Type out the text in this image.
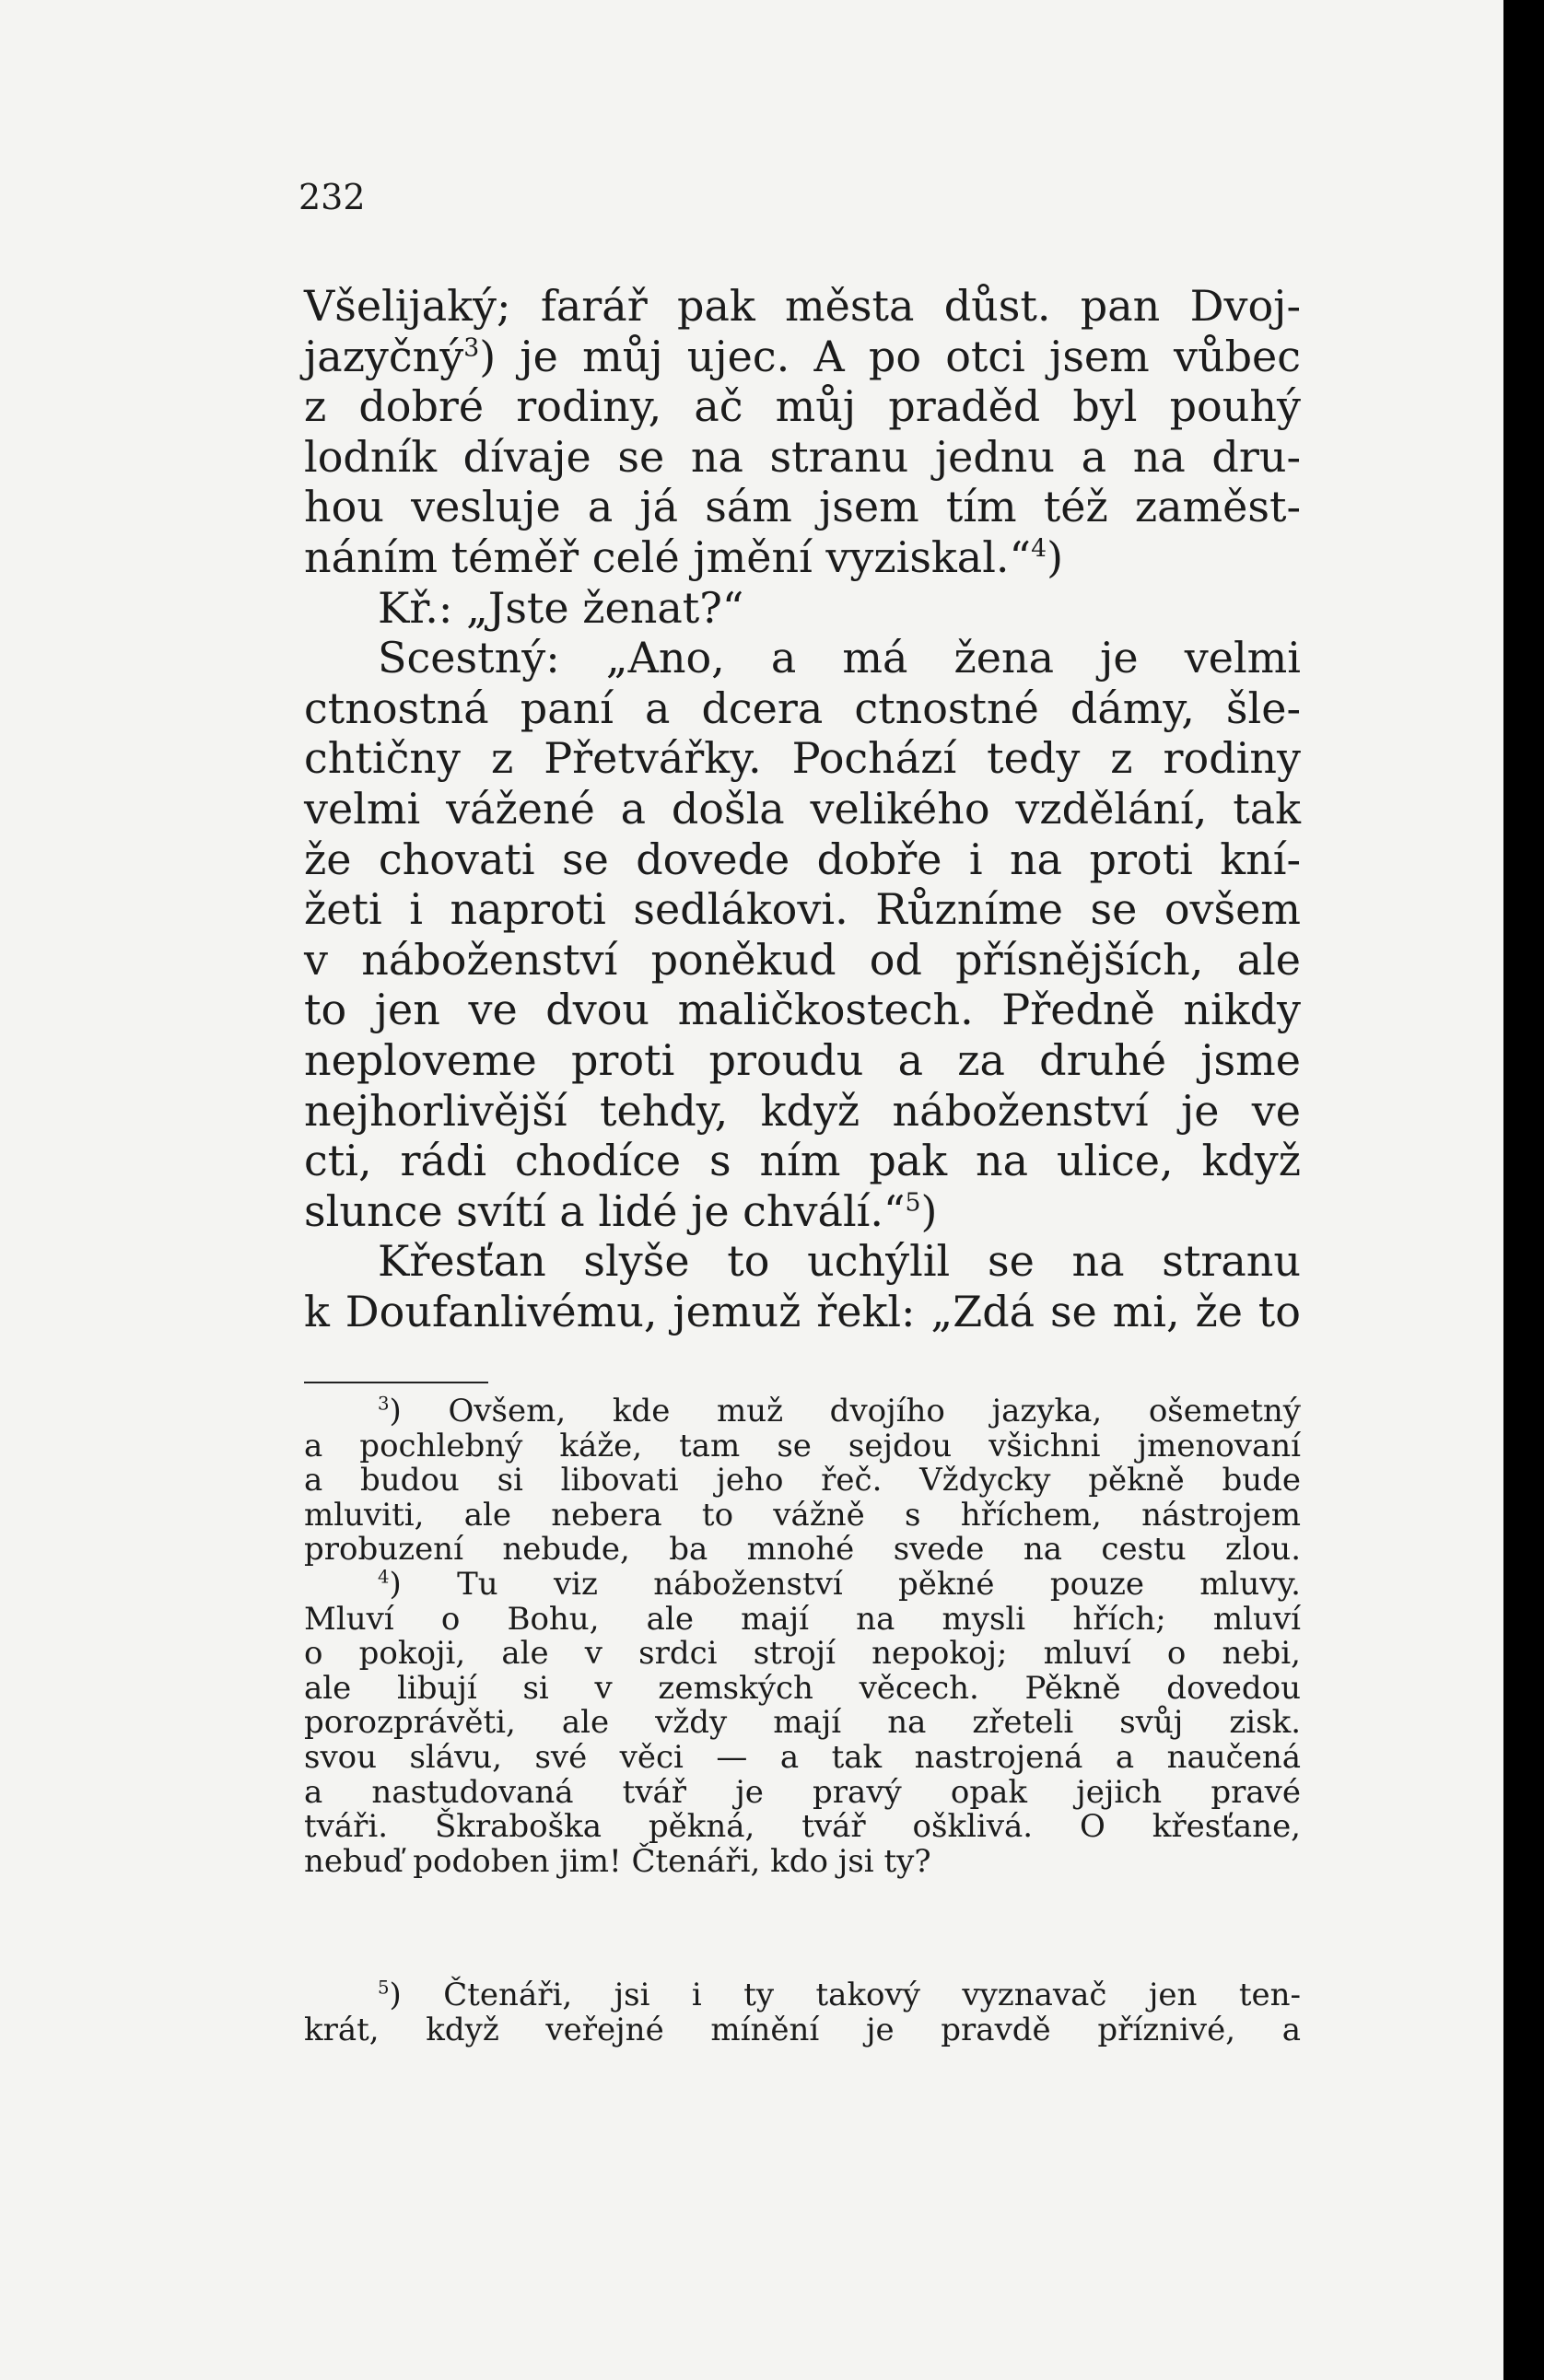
232
Všelijaký; farář pak města důst. pan Dvoj-
jazyčný$^3$) je můj ujec. A po otci jsem vůbec
z dobré rodiny, ač můj praděd byl pouhý
lodník dívaje se na stranu jednu a na dru-
hou vesluje a já sám jsem tím též zaměst-
náním téměř celé jmění vyziskal.“$^4$)
Kř.: „Jste ženat?“
Scestný: „Ano, a má žena je velmi
ctnostná paní a dcera ctnostné dámy, šle-
chtičny z Přetvářky. Pochází tedy z rodiny
velmi vážené a došla velikého vzdělání, tak
že chovati se dovede dobře i na proti kní-
žeti i naproti sedlákovi. Různíme se ovšem
v náboženství poněkud od přísnějších, ale
to jen ve dvou maličkostech. Předně nikdy
neploveme proti proudu a za druhé jsme
nejhorlivější tehdy, když náboženství je ve
cti, rádi chodíce s ním pak na ulice, když
slunce svítí a lidé je chválí.“$^5$)
Křesťan slyše to uchýlil se na stranu
k Doufanlivému, jemuž řekl: „Zdá se mi, že to
$^3$) Ovšem, kde muž dvojího jazyka, ošemetný
a pochlebný káže, tam se sejdou všichni jmenovaní
a budou si libovati jeho řeč. Vždycky pěkně bude
mluviti, ale nebera to vážně s hříchem, nástrojem
probuzení nebude, ba mnohé svede na cestu zlou.
$^4$) Tu viz náboženství pěkné pouze mluvy.
Mluví o Bohu, ale mají na mysli hřích; mluví
o pokoji, ale v srdci strojí nepokoj; mluví o nebi,
ale libují si v zemských věcech. Pěkně dovedou
porozprávěti, ale vždy mají na zřeteli svůj zisk.
svou slávu, své věci — a tak nastrojená a naučená
a nastudovaná tvář je pravý opak jejich pravé
tváři. Škraboška pěkná, tvář ošklivá. O křesťane,
nebuď podoben jim! Čtenáři, kdo jsi ty?
$^5$) Čtenáři, jsi i ty takový vyznavač jen ten-
krát, když veřejné mínění je pravdě příznivé, a
